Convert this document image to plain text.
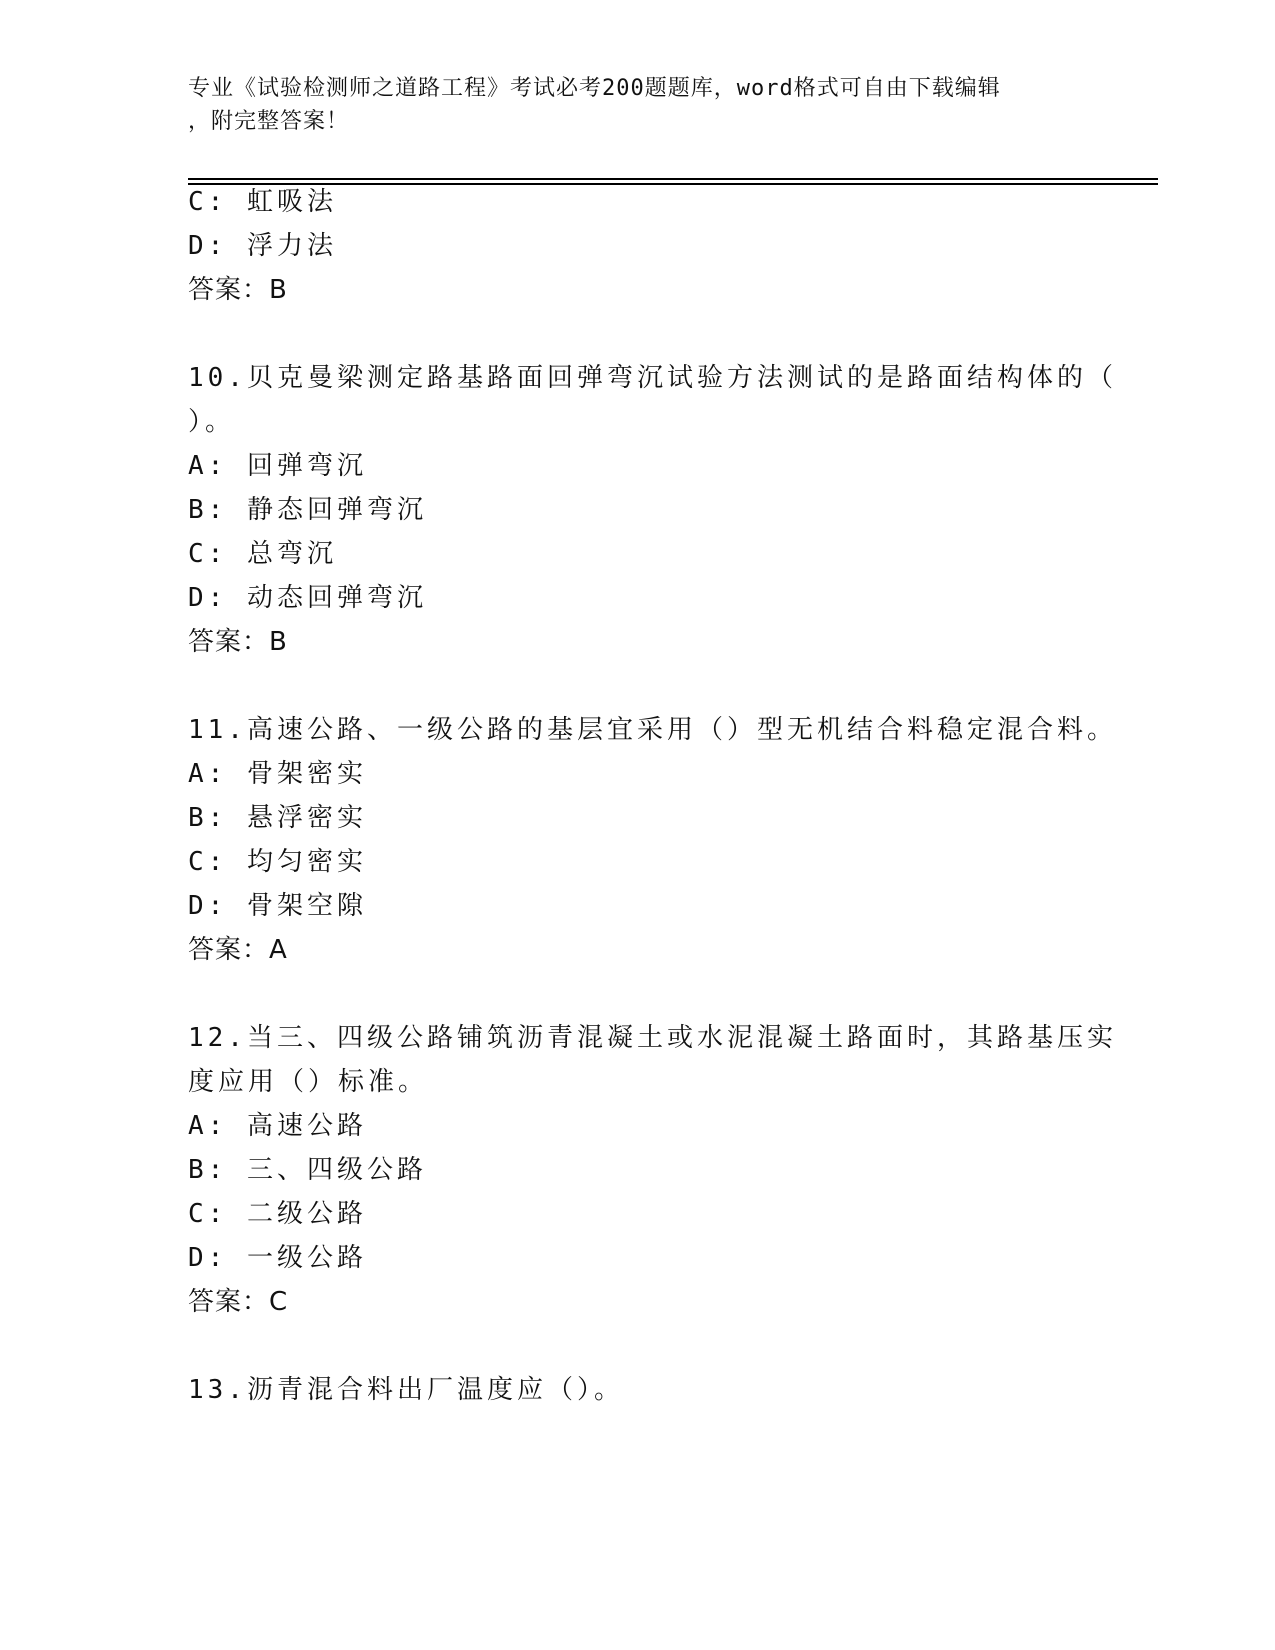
专业《试验检测师之道路工程》考试必考200题题库，word格式可自由下载编辑
，附完整答案！
C: 虹吸法
D: 浮力法
答案：B
10.贝克曼梁测定路基路面回弹弯沉试验方法测试的是路面结构体的（
）。
A: 回弹弯沉
B: 静态回弹弯沉
C: 总弯沉
D: 动态回弹弯沉
答案：B
11.高速公路、一级公路的基层宜采用（）型无机结合料稳定混合料。
A: 骨架密实
B: 悬浮密实
C: 均匀密实
D: 骨架空隙
答案：A
12.当三、四级公路铺筑沥青混凝土或水泥混凝土路面时，其路基压实
度应用（）标准。
A: 高速公路
B: 三、四级公路
C: 二级公路
D: 一级公路
答案：C
13.沥青混合料出厂温度应（）。
